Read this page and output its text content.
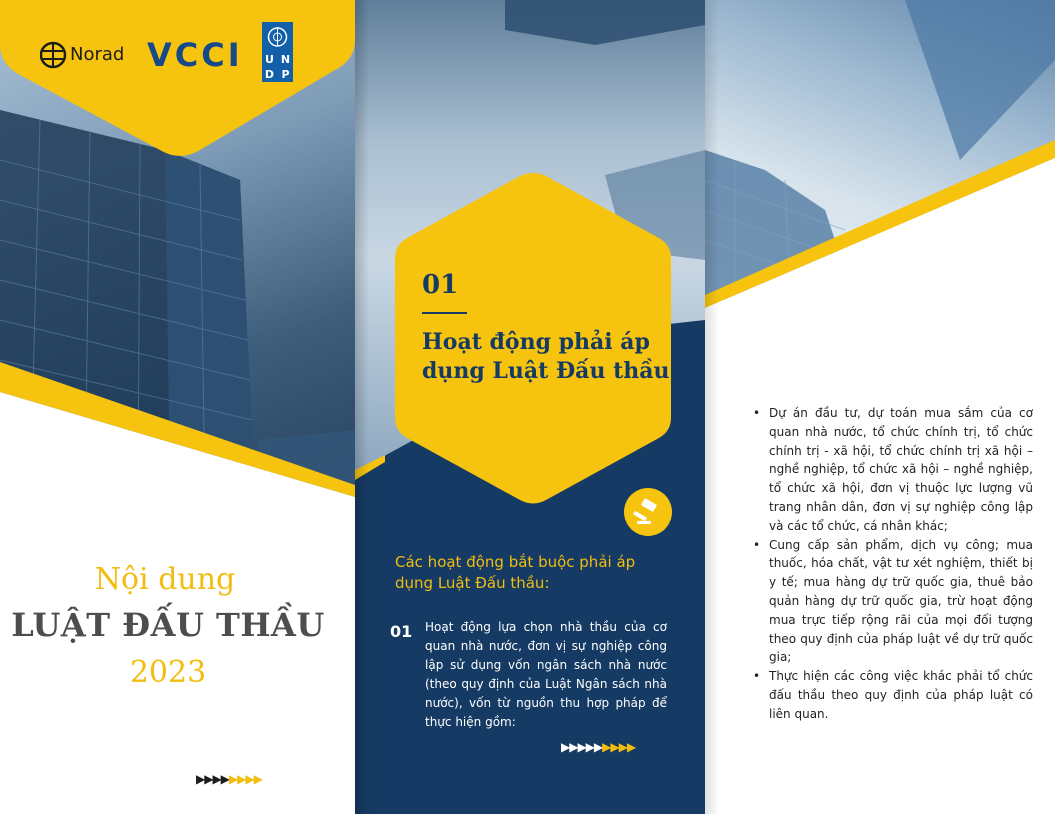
Norad VCCI U N
D P
Nội dung
LUẬT ĐẤU THẦU
2023
▶▶▶▶▶▶▶▶
01
Hoạt động phải áp
dụng Luật Đấu thầu
Các hoạt động bắt buộc phải áp dụng Luật Đấu thầu:
01 Hoạt động lựa chọn nhà thầu của cơ quan nhà nước, đơn vị sự nghiệp công lập sử dụng vốn ngân sách nhà nước (theo quy định của Luật Ngân sách nhà nước), vốn từ nguồn thu hợp pháp để thực hiện gồm:
▶▶▶▶▶▶▶▶▶
• Dự án đầu tư, dự toán mua sắm của cơ quan nhà nước, tổ chức chính trị, tổ chức chính trị - xã hội, tổ chức chính trị xã hội – nghề nghiệp, tổ chức xã hội – nghề nghiệp, tổ chức xã hội, đơn vị thuộc lực lượng vũ trang nhân dân, đơn vị sự nghiệp công lập và các tổ chức, cá nhân khác;
• Cung cấp sản phẩm, dịch vụ công; mua thuốc, hóa chất, vật tư xét nghiệm, thiết bị y tế; mua hàng dự trữ quốc gia, thuê bảo quản hàng dự trữ quốc gia, trừ hoạt động mua trực tiếp rộng rãi của mọi đối tượng theo quy định của pháp luật về dự trữ quốc gia;
• Thực hiện các công việc khác phải tổ chức đấu thầu theo quy định của pháp luật có liên quan.
